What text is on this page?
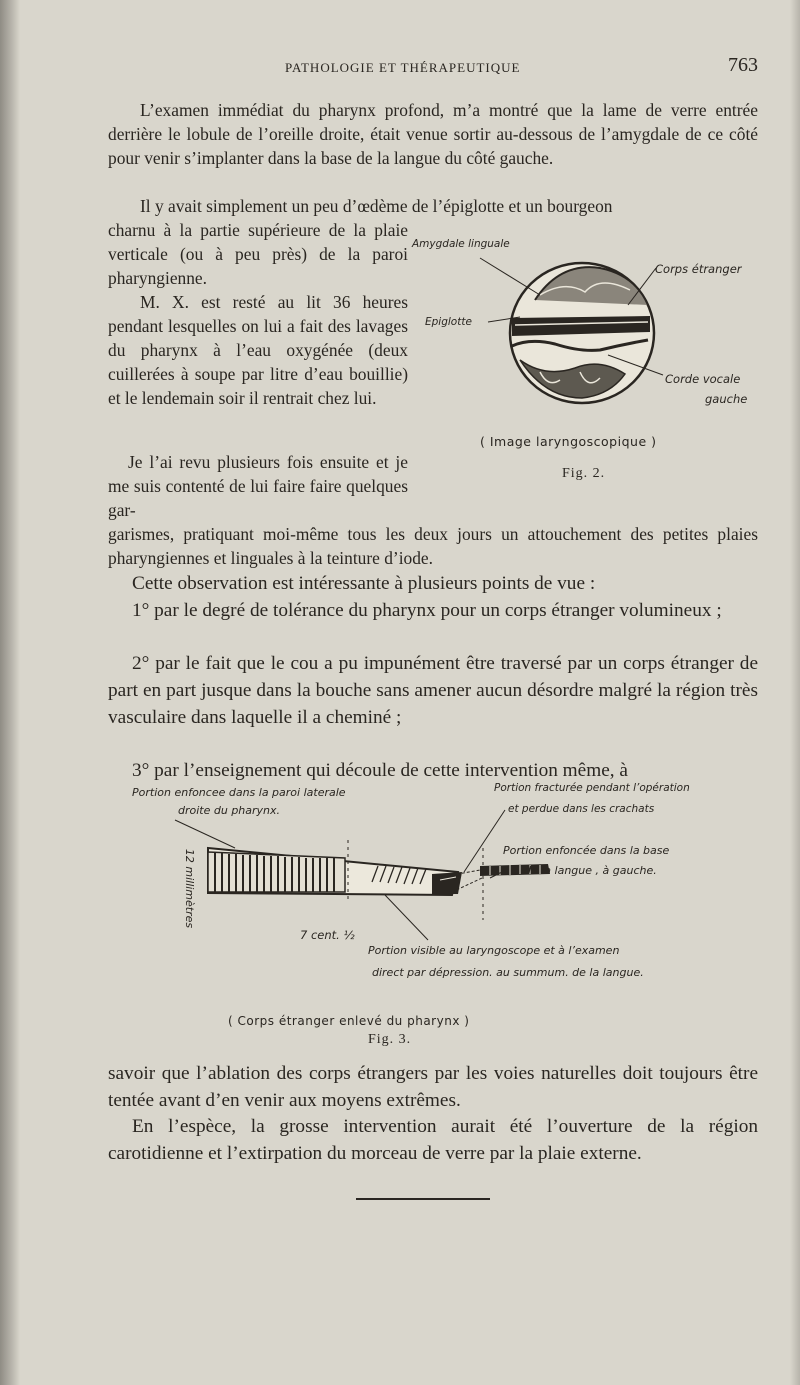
PATHOLOGIE ET THÉRAPEUTIQUE	763

L’examen immédiat du pharynx profond, m’a montré que la lame de verre entrée derrière le lobule de l’oreille droite, était venue sortir au-dessous de l’amygdale de ce côté pour venir s’implanter dans la base de la langue du côté gauche.

Il y avait simplement un peu d’œdème de l’épiglotte et un bourgeon

charnu à la partie supérieure de la plaie verticale (ou à peu près) de la paroi pharyngienne.

M. X. est resté au lit 36 heures pendant lesquelles on lui a fait des lavages du pharynx à l’eau oxygénée (deux cuillerées à soupe par litre d’eau bouillie) et le lendemain soir il rentrait chez lui.

Je l’ai revu plusieurs fois ensuite et je me suis contenté de lui faire faire quelques gar-

garismes, pratiquant moi-même tous les deux jours un attouchement des petites plaies pharyngiennes et linguales à la teinture d’iode.

Cette observation est intéressante à plusieurs points de vue :

1° par le degré de tolérance du pharynx pour un corps étranger volumineux ;

2° par le fait que le cou a pu impunément être traversé par un corps étranger de part en part jusque dans la bouche sans amener aucun désordre malgré la région très vasculaire dans laquelle il a cheminé ;

3° par l’enseignement qui découle de cette intervention même, à

Amygdale linguale
Corps étranger
Epiglotte
Corde vocale
gauche
( Image laryngoscopique )
Fig. 2.
Portion enfoncee dans la paroi laterale
droite du pharynx.
Portion fracturée pendant l’opération
et perdue dans les crachats
Portion enfoncée dans la base
de la langue , à gauche.
Portion visible au laryngoscope et à l’examen
direct par dépression. au summum. de la langue.
12 millimètres
7 cent. ½
( Corps étranger enlevé du pharynx )
Fig. 3.

savoir que l’ablation des corps étrangers par les voies naturelles doit toujours être tentée avant d’en venir aux moyens extrêmes.

En l’espèce, la grosse intervention aurait été l’ouverture de la région carotidienne et l’extirpation du morceau de verre par la plaie externe.
